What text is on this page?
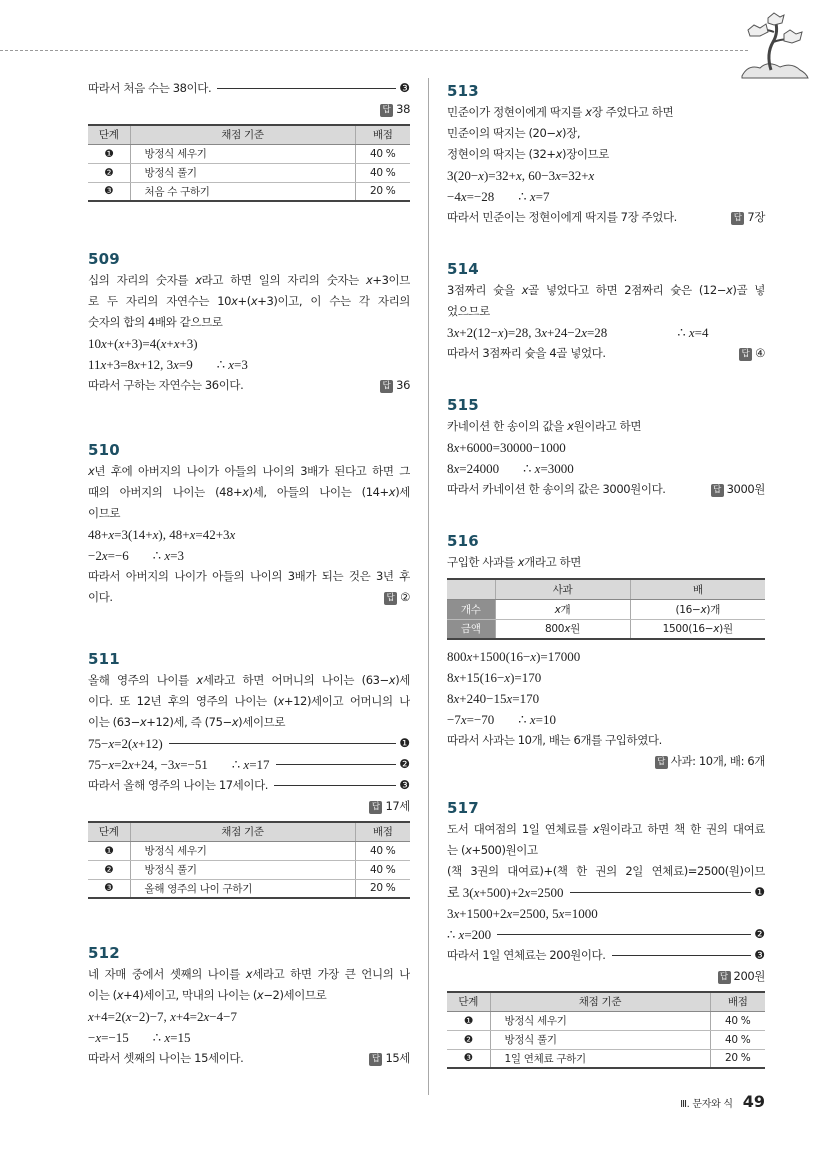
따라서 처음 수는 38이다.	❸
답 38
단계	채점 기준	배점
❶	방정식 세우기	40 %
❷	방정식 풀기	40 %
❸	처음 수 구하기	20 %
509
십의 자리의 숫자를 x라고 하면 일의 자리의 숫자는 x+3이므
로 두 자리의 자연수는 10x+(x+3)이고, 이 수는 각 자리의
숫자의 합의 4배와 같으므로
10x+(x+3)=4(x+x+3)
11x+3=8x+12, 3x=9 ∴ x=3
따라서 구하는 자연수는 36이다.	답 36
510
x년 후에 아버지의 나이가 아들의 나이의 3배가 된다고 하면 그
때의 아버지의 나이는 (48+x)세, 아들의 나이는 (14+x)세
이므로
48+x=3(14+x), 48+x=42+3x
−2x=−6 ∴ x=3
따라서 아버지의 나이가 아들의 나이의 3배가 되는 것은 3년 후
이다.	답 ②
511
올해 영주의 나이를 x세라고 하면 어머니의 나이는 (63−x)세
이다. 또 12년 후의 영주의 나이는 (x+12)세이고 어머니의 나
이는 (63−x+12)세, 즉 (75−x)세이므로
75−x=2(x+12)	❶
75−x=2x+24, −3x=−51 ∴ x=17	❷
따라서 올해 영주의 나이는 17세이다.	❸
답 17세
단계	채점 기준	배점
❶	방정식 세우기	40 %
❷	방정식 풀기	40 %
❸	올해 영주의 나이 구하기	20 %
512
네 자매 중에서 셋째의 나이를 x세라고 하면 가장 큰 언니의 나
이는 (x+4)세이고, 막내의 나이는 (x−2)세이므로
x+4=2(x−2)−7, x+4=2x−4−7
−x=−15 ∴ x=15
따라서 셋째의 나이는 15세이다.	답 15세
513
민준이가 정현이에게 딱지를 x장 주었다고 하면
민준이의 딱지는 (20−x)장,
정현이의 딱지는 (32+x)장이므로
3(20−x)=32+x, 60−3x=32+x
−4x=−28 ∴ x=7
따라서 민준이는 정현이에게 딱지를 7장 주었다.	답 7장
514
3점짜리 슛을 x골 넣었다고 하면 2점짜리 슛은 (12−x)골 넣
었으므로
3x+2(12−x)=28, 3x+24−2x=28	∴ x=4
따라서 3점짜리 슛을 4골 넣었다.	답 ④
515
카네이션 한 송이의 값을 x원이라고 하면
8x+6000=30000−1000
8x=24000 ∴ x=3000
따라서 카네이션 한 송이의 값은 3000원이다.	답 3000원
516
구입한 사과를 x개라고 하면
	사과	배
개수	x개	(16−x)개
금액	800x원	1500(16−x)원
800x+1500(16−x)=17000
8x+15(16−x)=170
8x+240−15x=170
−7x=−70 ∴ x=10
따라서 사과는 10개, 배는 6개를 구입하였다.
답 사과: 10개, 배: 6개
517
도서 대여점의 1일 연체료를 x원이라고 하면 책 한 권의 대여료
는 (x+500)원이고
(책 3권의 대여료)+(책 한 권의 2일 연체료)=2500(원)이므
로 3(x+500)+2x=2500	❶
3x+1500+2x=2500, 5x=1000
∴ x=200	❷
따라서 1일 연체료는 200원이다.	❸
답 200원
단계	채점 기준	배점
❶	방정식 세우기	40 %
❷	방정식 풀기	40 %
❸	1일 연체료 구하기	20 %
Ⅲ. 문자와 식 49
